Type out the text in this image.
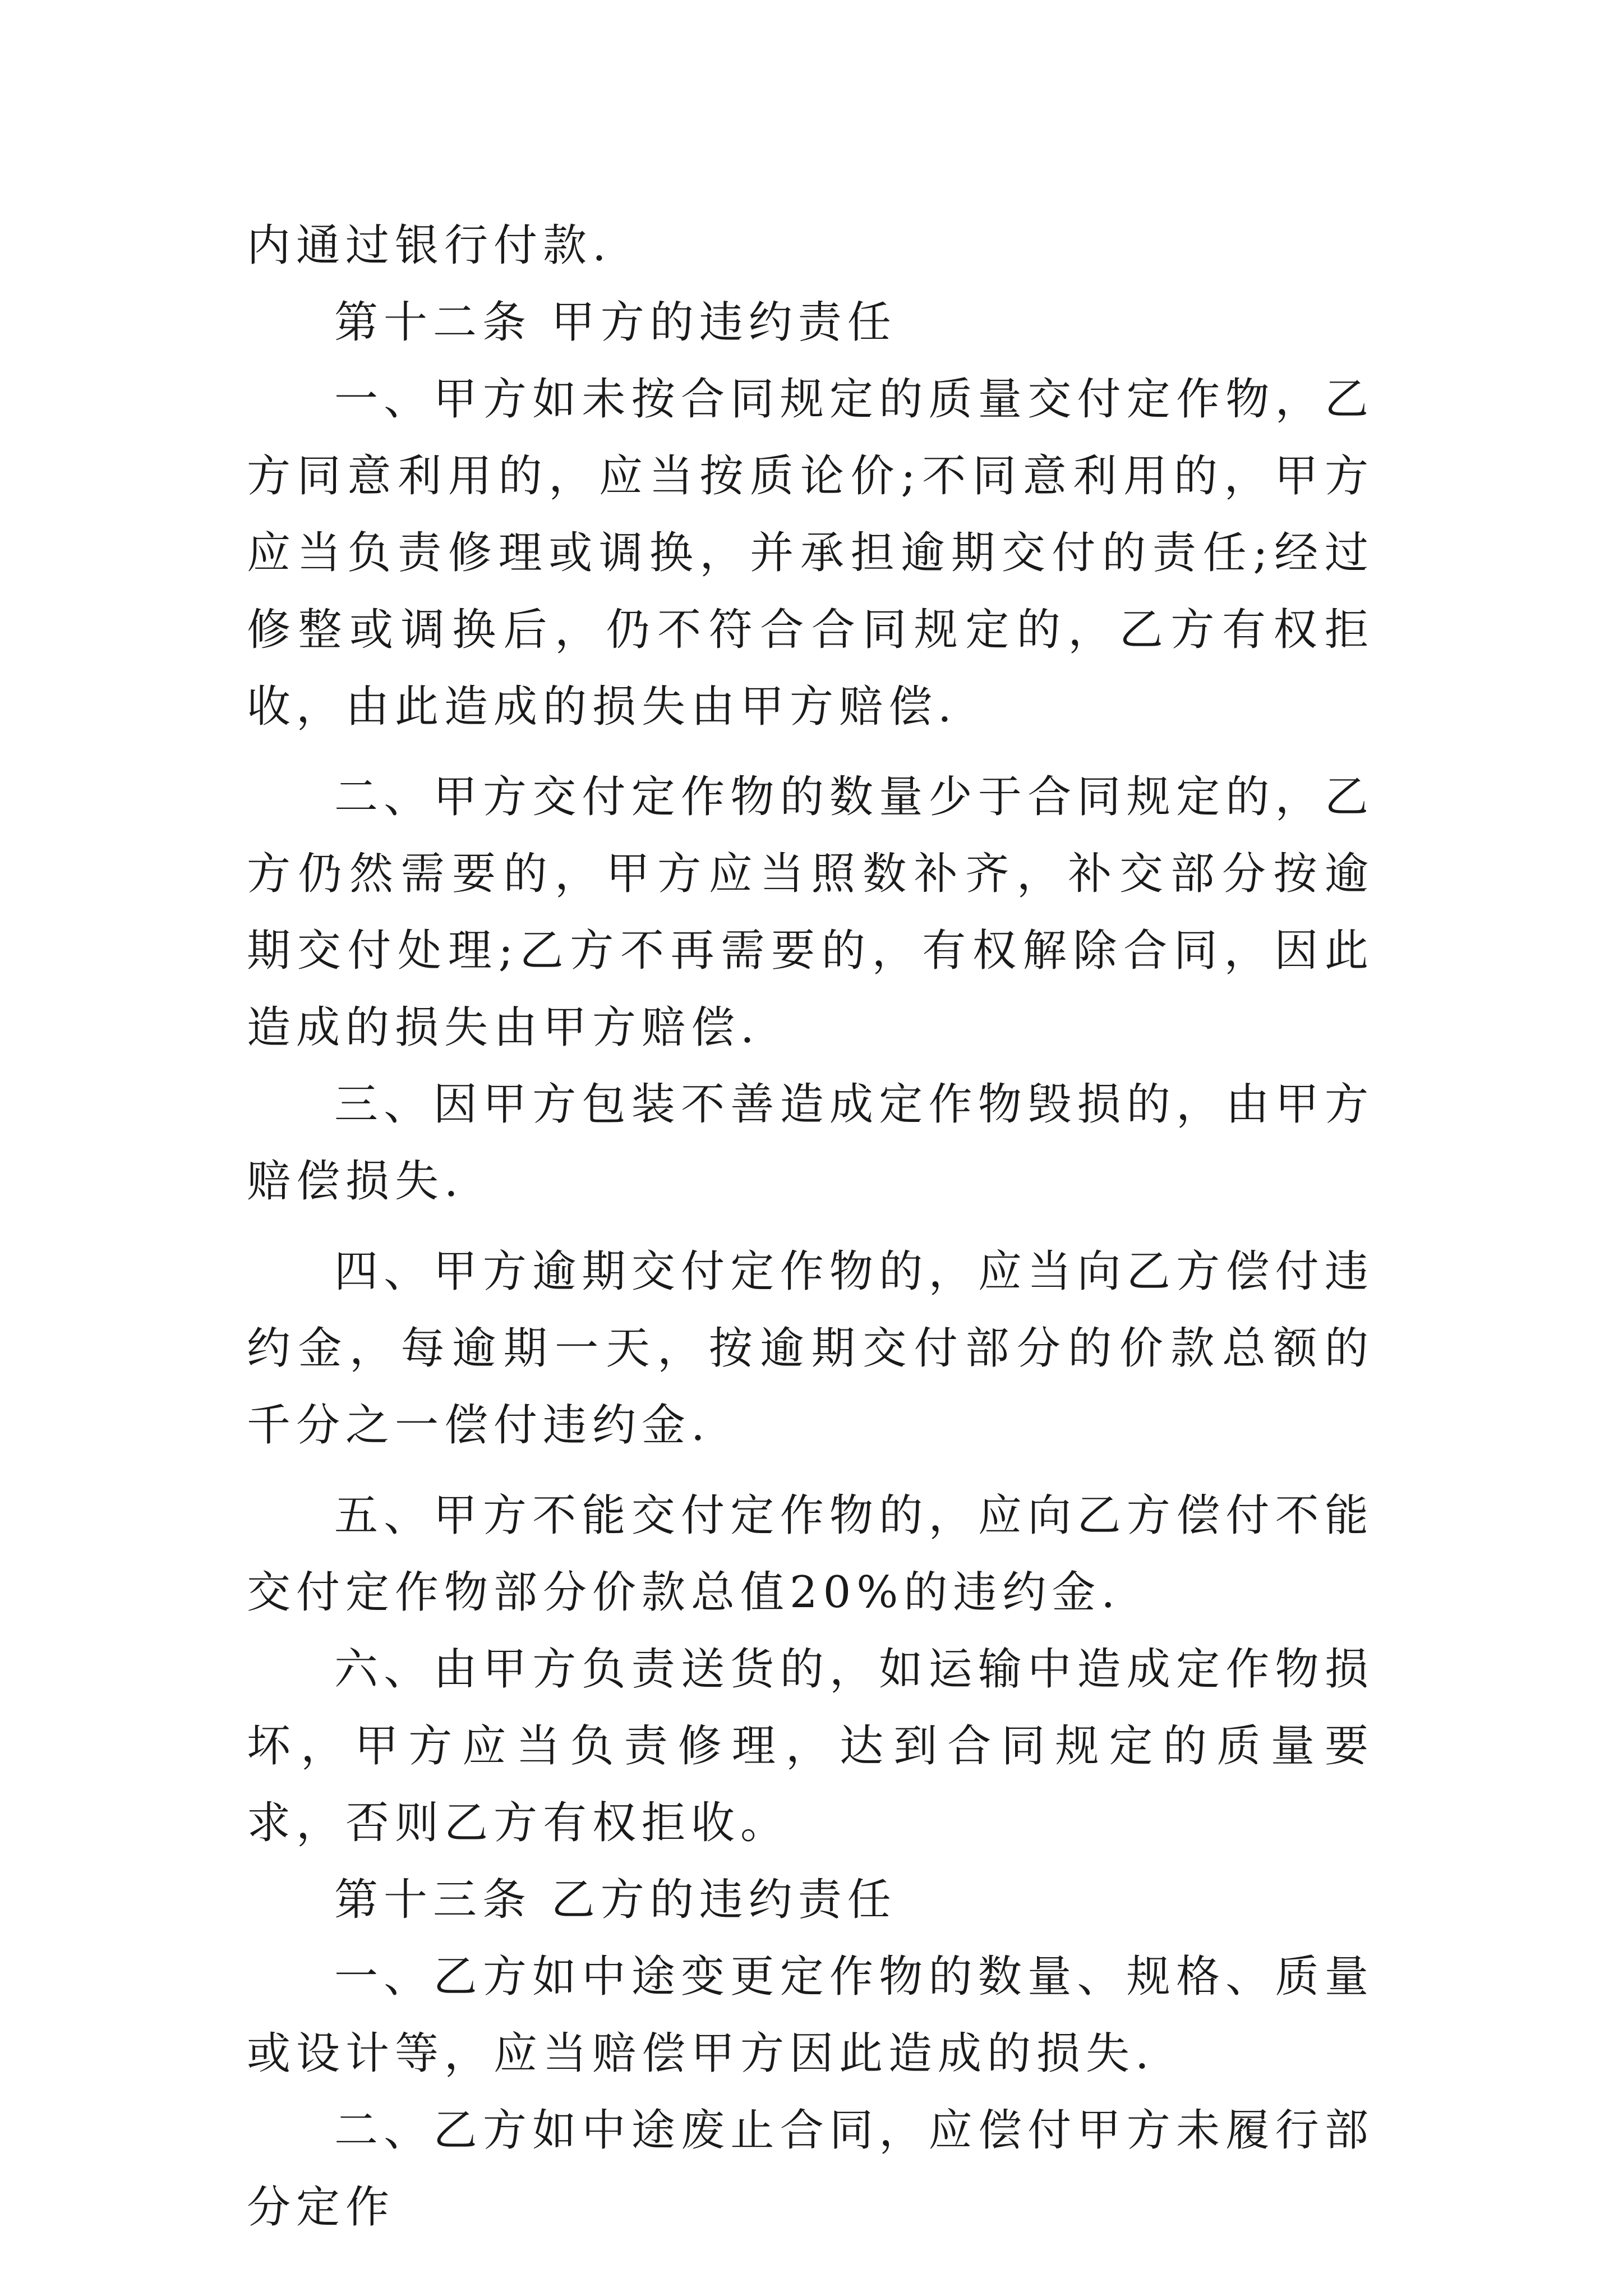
内通过银行付款.

第十二条 甲方的违约责任

一、甲方如未按合同规定的质量交付定作物，乙方同意利用的，应当按质论价;不同意利用的，甲方应当负责修理或调换，并承担逾期交付的责任;经过修整或调换后，仍不符合合同规定的，乙方有权拒收，由此造成的损失由甲方赔偿.

二、甲方交付定作物的数量少于合同规定的，乙方仍然需要的，甲方应当照数补齐，补交部分按逾期交付处理;乙方不再需要的，有权解除合同，因此造成的损失由甲方赔偿.

三、因甲方包装不善造成定作物毁损的，由甲方赔偿损失.

四、甲方逾期交付定作物的，应当向乙方偿付违约金，每逾期一天，按逾期交付部分的价款总额的千分之一偿付违约金.

五、甲方不能交付定作物的，应向乙方偿付不能交付定作物部分价款总值20%的违约金.

六、由甲方负责送货的，如运输中造成定作物损坏，甲方应当负责修理，达到合同规定的质量要求，否则乙方有权拒收。

第十三条 乙方的违约责任

一、乙方如中途变更定作物的数量、规格、质量或设计等，应当赔偿甲方因此造成的损失.

二、乙方如中途废止合同，应偿付甲方未履行部分定作
